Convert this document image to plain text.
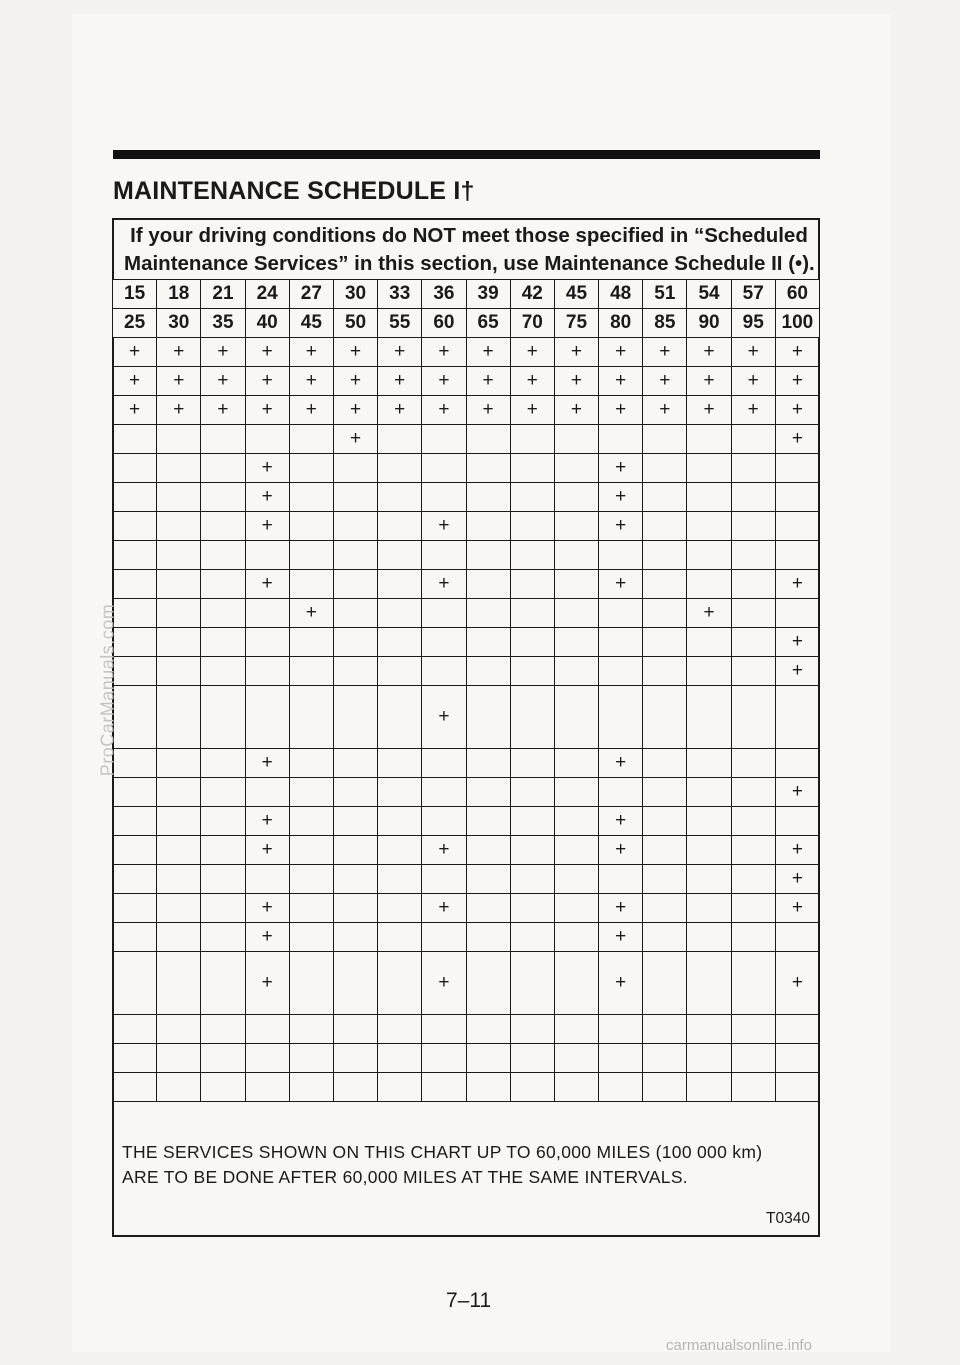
MAINTENANCE SCHEDULE I†

If your driving conditions do NOT meet those specified in “Scheduled
Maintenance Services” in this section, use Maintenance Schedule II (•).

15	18	21	24	27	30	33	36	39	42	45	48	51	54	57	60
25	30	35	40	45	50	55	60	65	70	75	80	85	90	95	100
+	+	+	+	+	+	+	+	+	+	+	+	+	+	+	+
+	+	+	+	+	+	+	+	+	+	+	+	+	+	+	+
+	+	+	+	+	+	+	+	+	+	+	+	+	+	+	+
					+										+
			+								+				
			+								+				
			+				+				+				

			+				+				+				+
				+									+		
															+
															+
							+								
			+								+				
															+
			+								+				
			+				+				+				+
															+
			+				+				+				+
			+								+				
			+				+				+				+

THE SERVICES SHOWN ON THIS CHART UP TO 60,000 MILES (100 000 km)
ARE TO BE DONE AFTER 60,000 MILES AT THE SAME INTERVALS.

T0340

7–11

ProCarManuals.com

carmanualsonline.info
